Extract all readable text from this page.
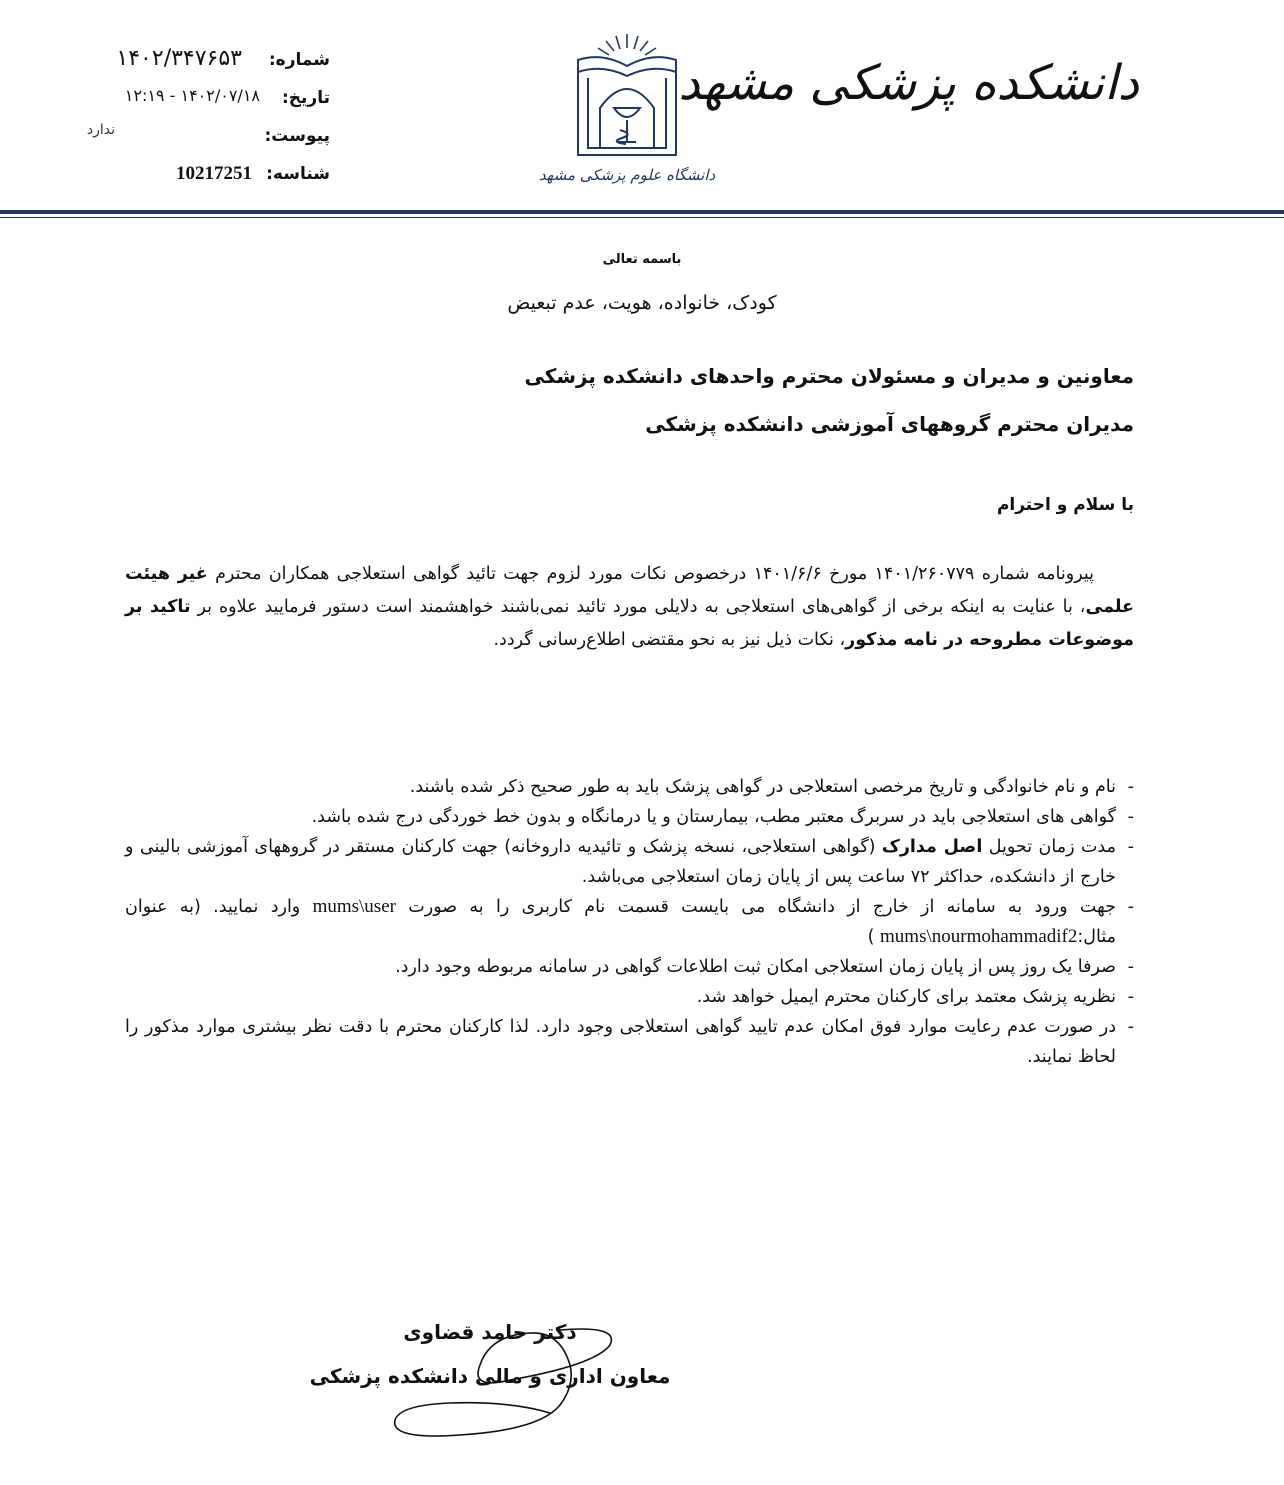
شماره:
۱۴۰۲/۳۴۷۶۵۳
تاریخ:
۱۴۰۲/۰۷/۱۸ - ۱۲:۱۹
پیوست:
ندارد
شناسه:
10217251	دانشگاه علوم پزشکی مشهد
دانشکده پزشکی مشهد
باسمه تعالی
کودک، خانواده، هویت، عدم تبعیض
معاونین و مدیران و مسئولان محترم واحدهای دانشکده پزشکی
مدیران محترم گروههای آموزشی دانشکده پزشکی
با سلام و احترام
پیرونامه شماره ۱۴۰۱/۲۶۰۷۷۹ مورخ ۱۴۰۱/۶/۶ درخصوص نکات مورد لزوم جهت تائید گواهی استعلاجی همکاران محترم غیر هیئت علمی، با عنایت به اینکه برخی از گواهی‌های استعلاجی به دلایلی مورد تائید نمی‌باشند خواهشمند است دستور فرمایید علاوه بر تاکید بر موضوعات مطروحه در نامه مذکور، نکات ذیل نیز به نحو مقتضی اطلاع‌رسانی گردد.
- نام و نام خانوادگی و تاریخ مرخصی استعلاجی در گواهی پزشک باید به طور صحیح ذکر شده باشند.
- گواهی های استعلاجی باید در سربرگ معتبر مطب، بیمارستان و یا درمانگاه و بدون خط خوردگی درج شده باشد.
- مدت زمان تحویل اصل مدارک (گواهی استعلاجی، نسخه پزشک و تائیدیه داروخانه) جهت کارکنان مستقر در گروههای آموزشی بالینی و خارج از دانشکده، حداکثر ۷۲ ساعت پس از پایان زمان استعلاجی می‌باشد.
- جهت ورود به سامانه از خارج از دانشگاه می بایست قسمت نام کاربری را به صورت mums\user وارد نمایید. (به عنوان مثال:mums\nourmohammadif2 )
- صرفا یک روز پس از پایان زمان استعلاجی امکان ثبت اطلاعات گواهی در سامانه مربوطه وجود دارد.
- نظریه پزشک معتمد برای کارکنان محترم ایمیل خواهد شد.
- در صورت عدم رعایت موارد فوق امکان عدم تایید گواهی استعلاجی وجود دارد. لذا کارکنان محترم با دقت نظر بیشتری موارد مذکور را لحاظ نمایند.
دکتر حامد قضاوی
معاون اداری و مالی دانشکده پزشکی
